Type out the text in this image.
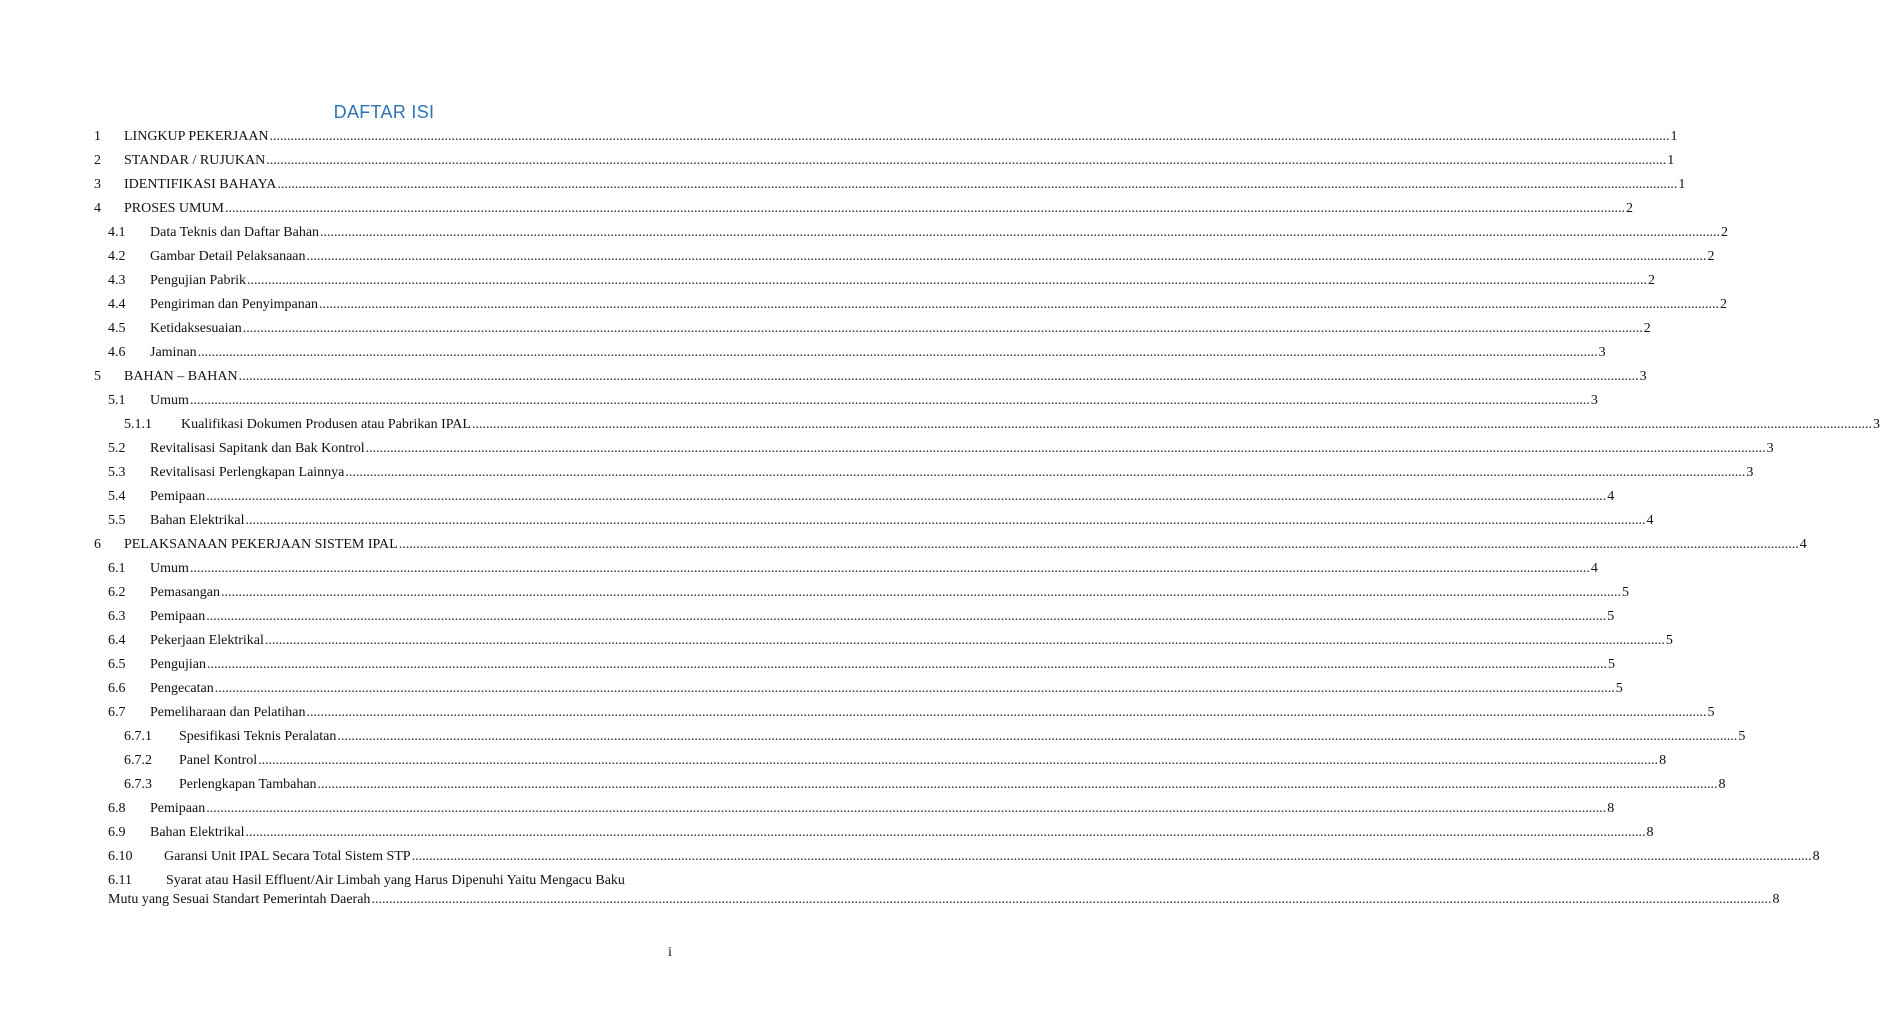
DAFTAR ISI
1 LINGKUP PEKERJAAN ................................................................................................................................................................................................................................................................................................................................................................................................................ 1
2 STANDAR / RUJUKAN ................................................................................................................................................................................................................................................................................................................................................................................................................ 1
3 IDENTIFIKASI BAHAYA ................................................................................................................................................................................................................................................................................................................................................................................................................ 1
4 PROSES UMUM ................................................................................................................................................................................................................................................................................................................................................................................................................ 2
4.1 Data Teknis dan Daftar Bahan ................................................................................................................................................................................................................................................................................................................................................................................................................ 2
4.2 Gambar Detail Pelaksanaan ................................................................................................................................................................................................................................................................................................................................................................................................................ 2
4.3 Pengujian Pabrik ................................................................................................................................................................................................................................................................................................................................................................................................................ 2
4.4 Pengiriman dan Penyimpanan ................................................................................................................................................................................................................................................................................................................................................................................................................ 2
4.5 Ketidaksesuaian ................................................................................................................................................................................................................................................................................................................................................................................................................ 2
4.6 Jaminan ................................................................................................................................................................................................................................................................................................................................................................................................................ 3
5 BAHAN – BAHAN ................................................................................................................................................................................................................................................................................................................................................................................................................ 3
5.1 Umum ................................................................................................................................................................................................................................................................................................................................................................................................................ 3
5.1.1 Kualifikasi Dokumen Produsen atau Pabrikan IPAL ................................................................................................................................................................................................................................................................................................................................................................................................................ 3
5.2 Revitalisasi Sapitank dan Bak Kontrol ................................................................................................................................................................................................................................................................................................................................................................................................................ 3
5.3 Revitalisasi Perlengkapan Lainnya ................................................................................................................................................................................................................................................................................................................................................................................................................ 3
5.4 Pemipaan ................................................................................................................................................................................................................................................................................................................................................................................................................ 4
5.5 Bahan Elektrikal ................................................................................................................................................................................................................................................................................................................................................................................................................ 4
6 PELAKSANAAN PEKERJAAN SISTEM IPAL ................................................................................................................................................................................................................................................................................................................................................................................................................ 4
6.1 Umum ................................................................................................................................................................................................................................................................................................................................................................................................................ 4
6.2 Pemasangan ................................................................................................................................................................................................................................................................................................................................................................................................................ 5
6.3 Pemipaan ................................................................................................................................................................................................................................................................................................................................................................................................................ 5
6.4 Pekerjaan Elektrikal ................................................................................................................................................................................................................................................................................................................................................................................................................ 5
6.5 Pengujian ................................................................................................................................................................................................................................................................................................................................................................................................................ 5
6.6 Pengecatan ................................................................................................................................................................................................................................................................................................................................................................................................................ 5
6.7 Pemeliharaan dan Pelatihan ................................................................................................................................................................................................................................................................................................................................................................................................................ 5
6.7.1 Spesifikasi Teknis Peralatan ................................................................................................................................................................................................................................................................................................................................................................................................................ 5
6.7.2 Panel Kontrol ................................................................................................................................................................................................................................................................................................................................................................................................................ 8
6.7.3 Perlengkapan Tambahan ................................................................................................................................................................................................................................................................................................................................................................................................................ 8
6.8 Pemipaan ................................................................................................................................................................................................................................................................................................................................................................................................................ 8
6.9 Bahan Elektrikal ................................................................................................................................................................................................................................................................................................................................................................................................................ 8
6.10 Garansi Unit IPAL Secara Total Sistem STP ................................................................................................................................................................................................................................................................................................................................................................................................................ 8
6.11 Syarat atau Hasil Effluent/Air Limbah yang Harus Dipenuhi Yaitu Mengacu Baku
Mutu yang Sesuai Standart Pemerintah Daerah ................................................................................................................................................................................................................................................................................................................................................................................................................ 8
i
